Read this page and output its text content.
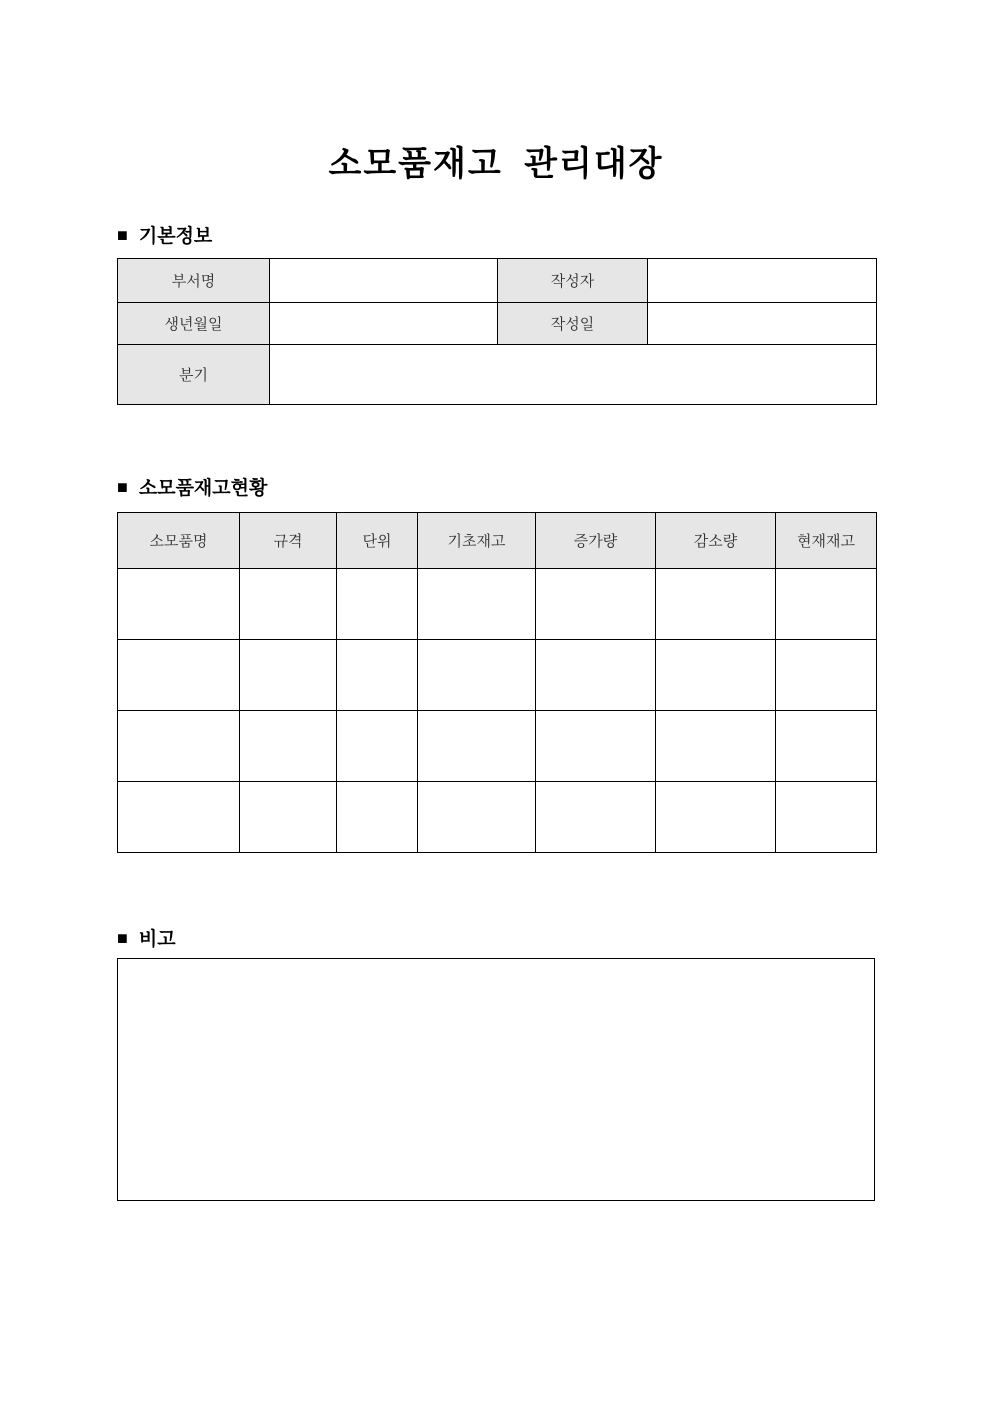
소모품재고 관리대장
■ 기본정보
부서명		작성자	
생년월일		작성일	
분기			
■ 소모품재고현황
소모품명	규격	단위	기초재고	증가량	감소량	현재재고

■ 비고
